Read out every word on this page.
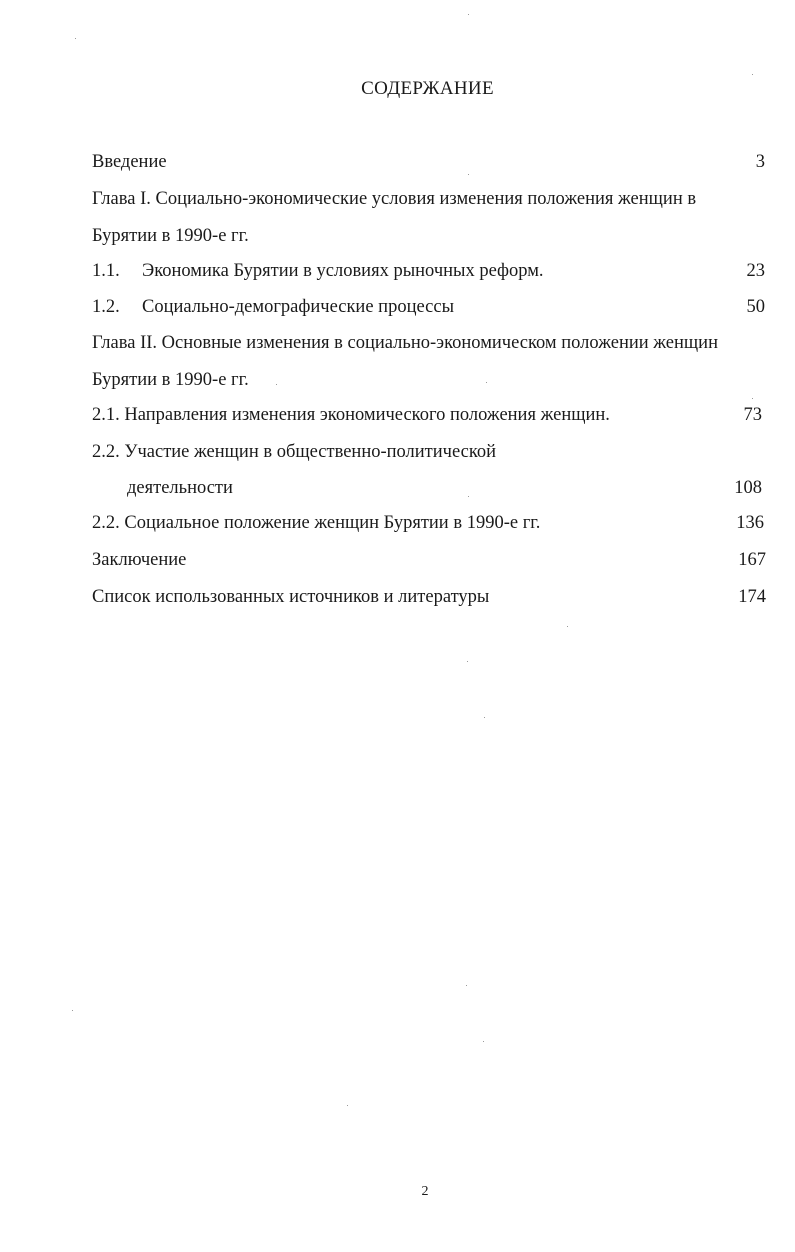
СОДЕРЖАНИЕ
Введение	3
Глава I. Социально-экономические условия изменения положения женщин в
Бурятии в 1990-е гг.
1.1. Экономика Бурятии в условиях рыночных реформ.	23
1.2. Социально-демографические процессы	50
Глава II. Основные изменения в социально-экономическом положении женщин
Бурятии в 1990-е гг.
2.1. Направления изменения экономического положения женщин.	73
2.2. Участие женщин в общественно-политической
деятельности	108
2.2. Социальное положение женщин Бурятии в 1990-е гг.	136
Заключение	167
Список использованных источников и литературы	174
2
